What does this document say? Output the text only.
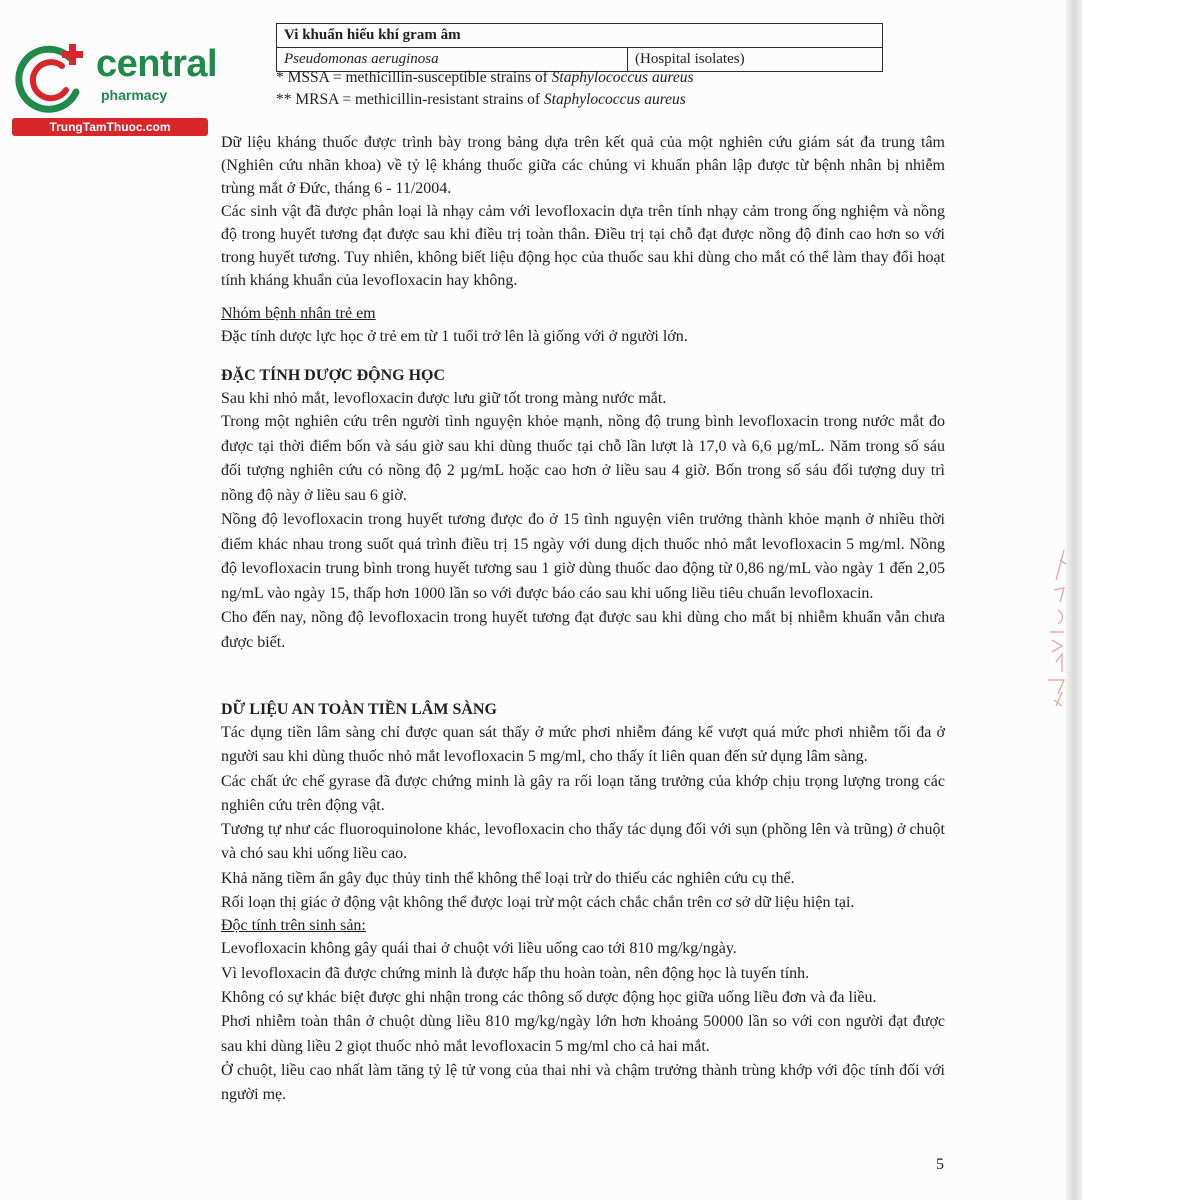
central
pharmacy
TrungTamThuoc.com
Vi khuẩn hiếu khí gram âm
Pseudomonas aeruginosa	(Hospital isolates)
* MSSA = methicillin-susceptible strains of Staphylococcus aureus
** MRSA = methicillin-resistant strains of Staphylococcus aureus

Dữ liệu kháng thuốc được trình bày trong bảng dựa trên kết quả của một nghiên cứu giám sát đa trung tâm (Nghiên cứu nhãn khoa) về tỷ lệ kháng thuốc giữa các chủng vi khuẩn phân lập được từ bệnh nhân bị nhiễm trùng mắt ở Đức, tháng 6 - 11/2004.

Các sinh vật đã được phân loại là nhạy cảm với levofloxacin dựa trên tính nhạy cảm trong ống nghiệm và nồng độ trong huyết tương đạt được sau khi điều trị toàn thân. Điều trị tại chỗ đạt được nồng độ đỉnh cao hơn so với trong huyết tương. Tuy nhiên, không biết liệu động học của thuốc sau khi dùng cho mắt có thể làm thay đổi hoạt tính kháng khuẩn của levofloxacin hay không.

Nhóm bệnh nhân trẻ em

Đặc tính dược lực học ở trẻ em từ 1 tuổi trở lên là giống với ở người lớn.

ĐẶC TÍNH DƯỢC ĐỘNG HỌC

Sau khi nhỏ mắt, levofloxacin được lưu giữ tốt trong màng nước mắt.

Trong một nghiên cứu trên người tình nguyện khỏe mạnh, nồng độ trung bình levofloxacin trong nước mắt đo được tại thời điểm bốn và sáu giờ sau khi dùng thuốc tại chỗ lần lượt là 17,0 và 6,6 µg/mL. Năm trong số sáu đối tượng nghiên cứu có nồng độ 2 µg/mL hoặc cao hơn ở liều sau 4 giờ. Bốn trong số sáu đối tượng duy trì nồng độ này ở liều sau 6 giờ.

Nồng độ levofloxacin trong huyết tương được đo ở 15 tình nguyện viên trưởng thành khỏe mạnh ở nhiều thời điểm khác nhau trong suốt quá trình điều trị 15 ngày với dung dịch thuốc nhỏ mắt levofloxacin 5 mg/ml. Nồng độ levofloxacin trung bình trong huyết tương sau 1 giờ dùng thuốc dao động từ 0,86 ng/mL vào ngày 1 đến 2,05 ng/mL vào ngày 15, thấp hơn 1000 lần so với được báo cáo sau khi uống liều tiêu chuẩn levofloxacin.

Cho đến nay, nồng độ levofloxacin trong huyết tương đạt được sau khi dùng cho mắt bị nhiễm khuẩn vẫn chưa được biết.

DỮ LIỆU AN TOÀN TIỀN LÂM SÀNG

Tác dụng tiền lâm sàng chỉ được quan sát thấy ở mức phơi nhiễm đáng kể vượt quá mức phơi nhiễm tối đa ở người sau khi dùng thuốc nhỏ mắt levofloxacin 5 mg/ml, cho thấy ít liên quan đến sử dụng lâm sàng.

Các chất ức chế gyrase đã được chứng minh là gây ra rối loạn tăng trưởng của khớp chịu trọng lượng trong các nghiên cứu trên động vật.

Tương tự như các fluoroquinolone khác, levofloxacin cho thấy tác dụng đối với sụn (phồng lên và trũng) ở chuột và chó sau khi uống liều cao.

Khả năng tiềm ẩn gây đục thủy tinh thể không thể loại trừ do thiếu các nghiên cứu cụ thể.

Rối loạn thị giác ở động vật không thể được loại trừ một cách chắc chắn trên cơ sở dữ liệu hiện tại.

Độc tính trên sinh sản:

Levofloxacin không gây quái thai ở chuột với liều uống cao tới 810 mg/kg/ngày.

Vì levofloxacin đã được chứng minh là được hấp thu hoàn toàn, nên động học là tuyến tính.

Không có sự khác biệt được ghi nhận trong các thông số dược động học giữa uống liều đơn và đa liều.

Phơi nhiễm toàn thân ở chuột dùng liều 810 mg/kg/ngày lớn hơn khoảng 50000 lần so với con người đạt được sau khi dùng liều 2 giọt thuốc nhỏ mắt levofloxacin 5 mg/ml cho cả hai mắt.

Ở chuột, liều cao nhất làm tăng tỷ lệ tử vong của thai nhi và chậm trưởng thành trùng khớp với độc tính đối với người mẹ.

5
